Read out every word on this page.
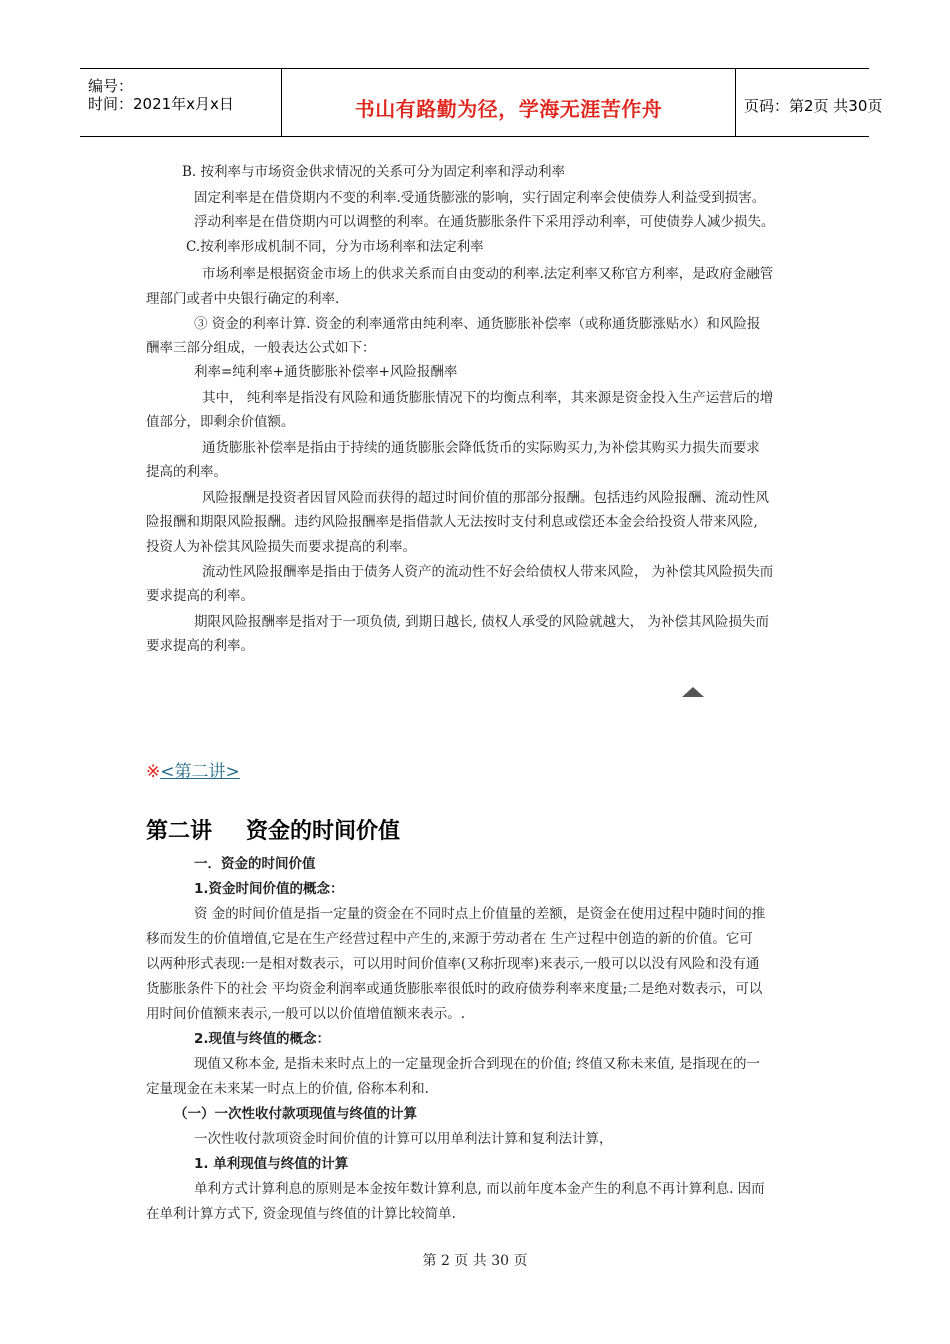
编号：
时间：2021年x月x日	书山有路勤为径，学海无涯苦作舟	页码：第2页 共30页
B. 按利率与市场资金供求情况的关系可分为固定利率和浮动利率
固定利率是在借贷期内不变的利率.受通货膨涨的影响，实行固定利率会使债券人利益受到损害。
浮动利率是在借贷期内可以调整的利率。在通货膨胀条件下采用浮动利率，可使债券人减少损失。
C.按利率形成机制不同，分为市场利率和法定利率
市场利率是根据资金市场上的供求关系而自由变动的利率.法定利率又称官方利率，是政府金融管
理部门或者中央银行确定的利率.
③ 资金的利率计算. 资金的利率通常由纯利率、通货膨胀补偿率（或称通货膨涨贴水）和风险报
酬率三部分组成，一般表达公式如下：
利率=纯利率+通货膨胀补偿率+风险报酬率
其中， 纯利率是指没有风险和通货膨胀情况下的均衡点利率，其来源是资金投入生产运营后的增
值部分，即剩余价值额。
通货膨胀补偿率是指由于持续的通货膨胀会降低货币的实际购买力,为补偿其购买力损失而要求
提高的利率。
风险报酬是投资者因冒风险而获得的超过时间价值的那部分报酬。包括违约风险报酬、流动性风
险报酬和期限风险报酬。违约风险报酬率是指借款人无法按时支付利息或偿还本金会给投资人带来风险,
投资人为补偿其风险损失而要求提高的利率。
流动性风险报酬率是指由于债务人资产的流动性不好会给债权人带来风险， 为补偿其风险损失而
要求提高的利率。
期限风险报酬率是指对于一项负债, 到期日越长, 债权人承受的风险就越大， 为补偿其风险损失而
要求提高的利率。
※<第二讲>
第二讲 资金的时间价值
一．资金的时间价值
1.资金时间价值的概念：
资 金的时间价值是指一定量的资金在不同时点上价值量的差额，是资金在使用过程中随时间的推
移而发生的价值增值,它是在生产经营过程中产生的,来源于劳动者在 生产过程中创造的新的价值。它可
以两种形式表现:一是相对数表示，可以用时间价值率(又称折现率)来表示,一般可以以没有风险和没有通
货膨胀条件下的社会 平均资金利润率或通货膨胀率很低时的政府债券利率来度量;二是绝对数表示，可以
用时间价值额来表示,一般可以以价值增值额来表示。.
2.现值与终值的概念：
现值又称本金, 是指未来时点上的一定量现金折合到现在的价值; 终值又称未来值, 是指现在的一
定量现金在未来某一时点上的价值, 俗称本利和.
（一）一次性收付款项现值与终值的计算
一次性收付款项资金时间价值的计算可以用单利法计算和复利法计算，
1. 单利现值与终值的计算
单利方式计算利息的原则是本金按年数计算利息, 而以前年度本金产生的利息不再计算利息. 因而
在单利计算方式下, 资金现值与终值的计算比较简单.
第 2 页 共 30 页
